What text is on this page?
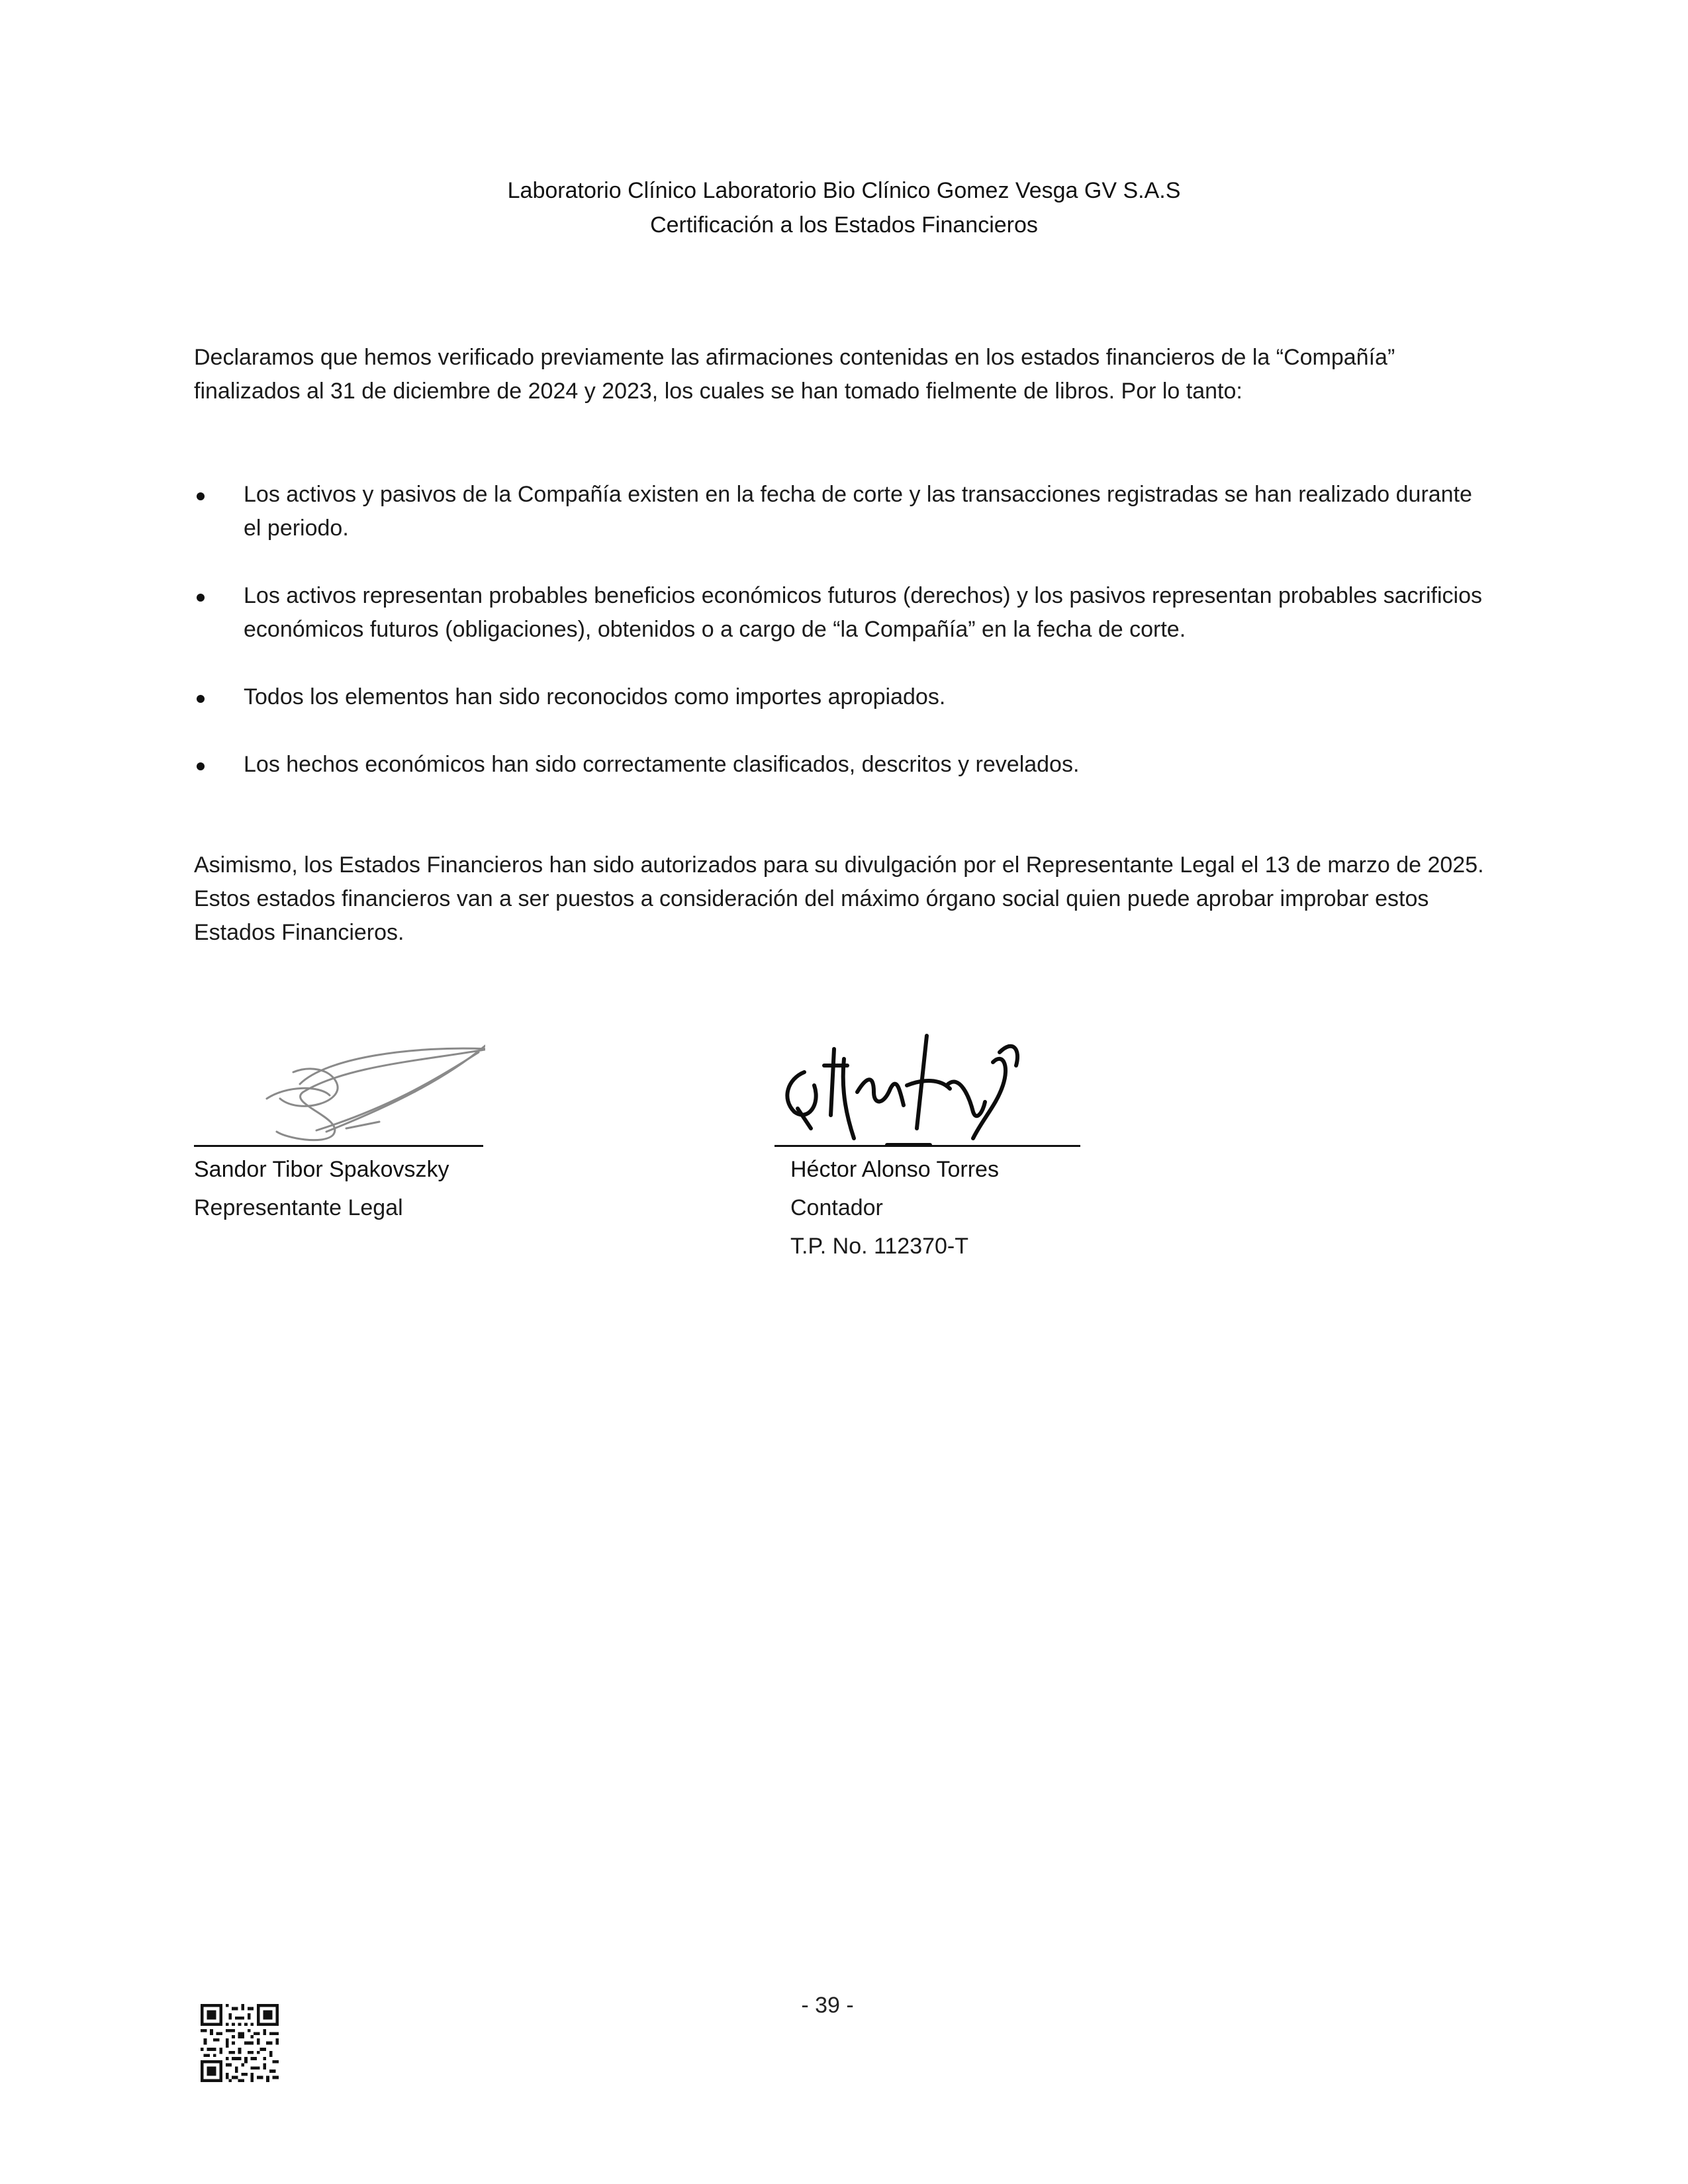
Laboratorio Clínico Laboratorio Bio Clínico Gomez Vesga GV S.A.S
Certificación a los Estados Financieros

Declaramos que hemos verificado previamente las afirmaciones contenidas en los estados financieros de la “Compañía” finalizados al 31 de diciembre de 2024 y 2023, los cuales se han tomado fielmente de libros. Por lo tanto:

Los activos y pasivos de la Compañía existen en la fecha de corte y las transacciones registradas se han realizado durante el periodo.
Los activos representan probables beneficios económicos futuros (derechos) y los pasivos representan probables sacrificios económicos futuros (obligaciones), obtenidos o a cargo de “la Compañía” en la fecha de corte.
Todos los elementos han sido reconocidos como importes apropiados.
Los hechos económicos han sido correctamente clasificados, descritos y revelados.

Asimismo, los Estados Financieros han sido autorizados para su divulgación por el Representante Legal el 13 de marzo de 2025. Estos estados financieros van a ser puestos a consideración del máximo órgano social quien puede aprobar improbar estos Estados Financieros.

Sandor Tibor Spakovszky
Representante Legal
Héctor Alonso Torres
Contador
T.P. No. 112370-T
- 39 -
